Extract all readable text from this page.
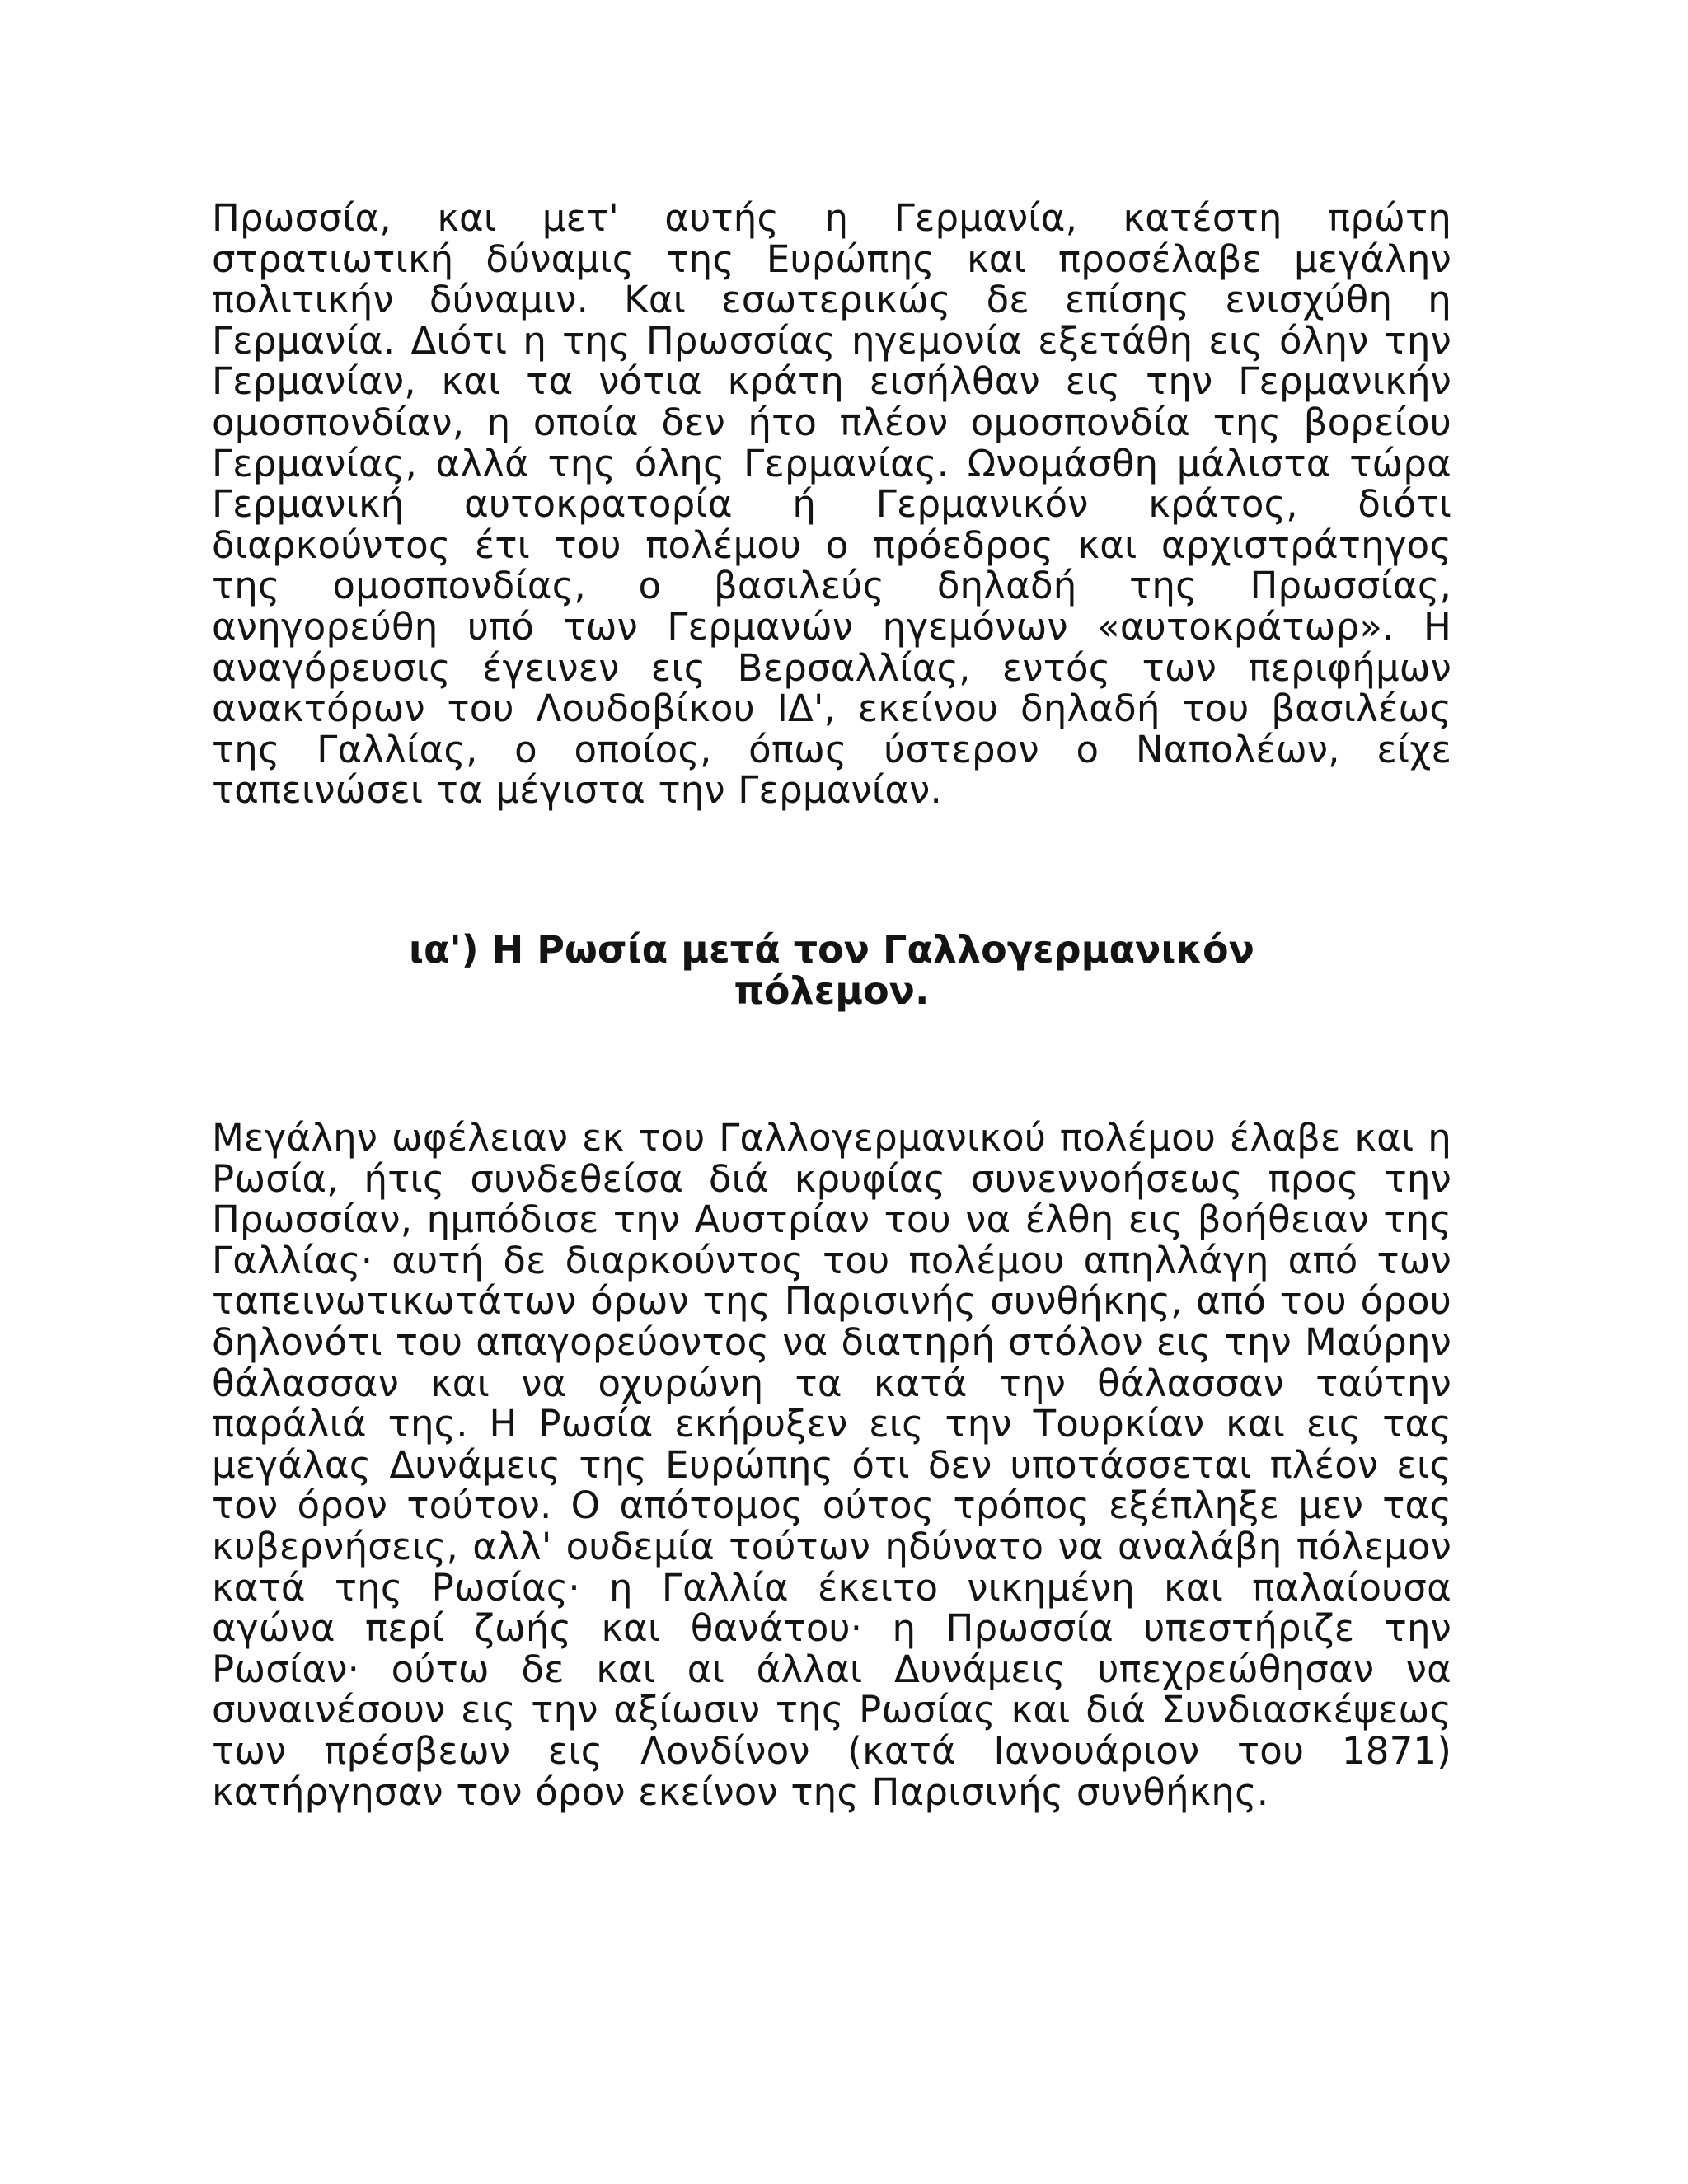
Πρωσσία, και μετ' αυτής η Γερμανία, κατέστη πρώτη στρατιωτική δύναμις της Ευρώπης και προσέλαβε μεγάλην πολιτικήν δύναμιν. Και εσωτερικώς δε επίσης ενισχύθη η Γερμανία. Διότι η της Πρωσσίας ηγεμονία εξετάθη εις όλην την Γερμανίαν, και τα νότια κράτη εισήλθαν εις την Γερμανικήν ομοσπονδίαν, η οποία δεν ήτο πλέον ομοσπονδία της βορείου Γερμανίας, αλλά της όλης Γερμανίας. Ωνομάσθη μάλιστα τώρα Γερμανική αυτοκρατορία ή Γερμανικόν κράτος, διότι διαρκούντος έτι του πολέμου ο πρόεδρος και αρχιστράτηγος της ομοσπονδίας, ο βασιλεύς δηλαδή της Πρωσσίας, ανηγορεύθη υπό των Γερμανών ηγεμόνων «αυτοκράτωρ». Η αναγόρευσις έγεινεν εις Βερσαλλίας, εντός των περιφήμων ανακτόρων του Λουδοβίκου ΙΔ', εκείνου δηλαδή του βασιλέως της Γαλλίας, ο οποίος, όπως ύστερον ο Ναπολέων, είχε ταπεινώσει τα μέγιστα την Γερμανίαν.

ια') Η Ρωσία μετά τον Γαλλογερμανικόν
πόλεμον.

Μεγάλην ωφέλειαν εκ του Γαλλογερμανικού πολέμου έλαβε και η Ρωσία, ήτις συνδεθείσα διά κρυφίας συνεννοήσεως προς την Πρωσσίαν, ημπόδισε την Αυστρίαν του να έλθη εις βοήθειαν της Γαλλίας· αυτή δε διαρκούντος του πολέμου απηλλάγη από των ταπεινωτικωτάτων όρων της Παρισινής συνθήκης, από του όρου δηλονότι του απαγορεύοντος να διατηρή στόλον εις την Μαύρην θάλασσαν και να οχυρώνη τα κατά την θάλασσαν ταύτην παράλιά της. Η Ρωσία εκήρυξεν εις την Τουρκίαν και εις τας μεγάλας Δυνάμεις της Ευρώπης ότι δεν υποτάσσεται πλέον εις τον όρον τούτον. Ο απότομος ούτος τρόπος εξέπληξε μεν τας κυβερνήσεις, αλλ' ουδεμία τούτων ηδύνατο να αναλάβη πόλεμον κατά της Ρωσίας· η Γαλλία έκειτο νικημένη και παλαίουσα αγώνα περί ζωής και θανάτου· η Πρωσσία υπεστήριζε την Ρωσίαν· ούτω δε και αι άλλαι Δυνάμεις υπεχρεώθησαν να συναινέσουν εις την αξίωσιν της Ρωσίας και διά Συνδιασκέψεως των πρέσβεων εις Λονδίνον (κατά Ιανουάριον του 1871) κατήργησαν τον όρον εκείνον της Παρισινής συνθήκης.
